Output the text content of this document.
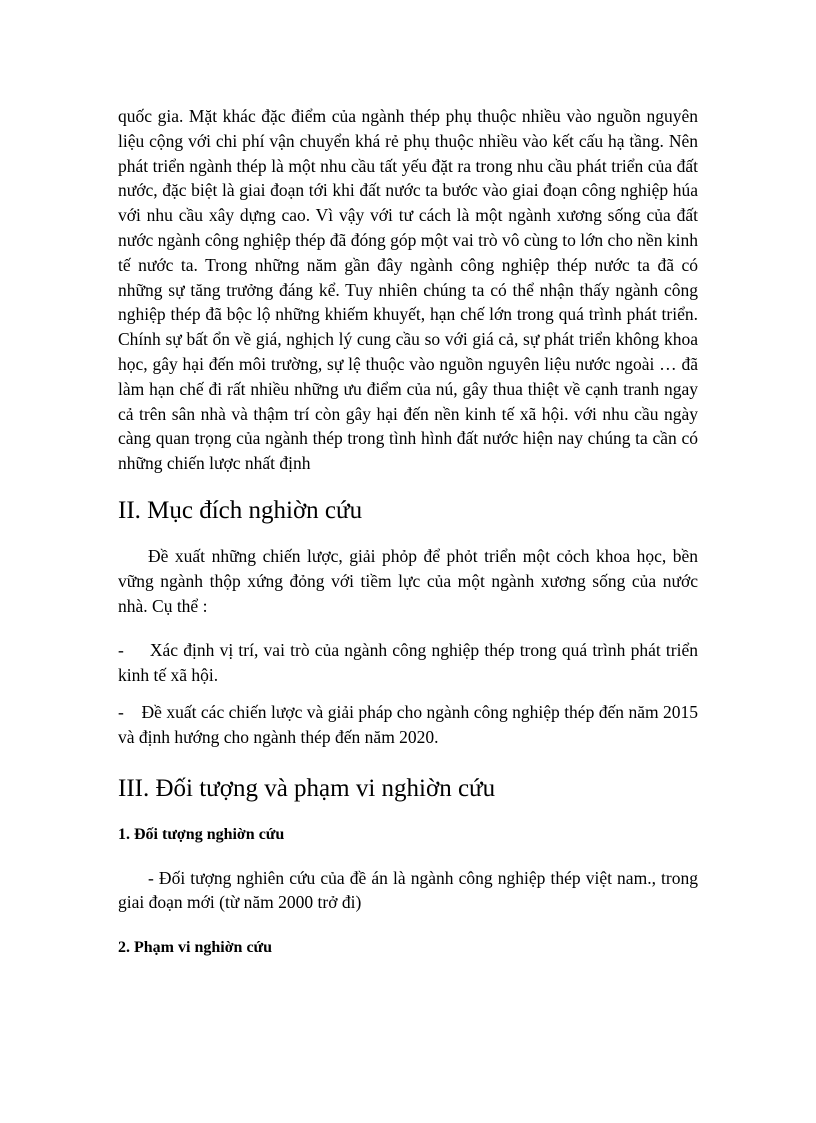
quốc gia. Mặt khác đặc điểm của ngành thép phụ thuộc nhiều vào nguồn nguyên liệu cộng với chi phí vận chuyển khá rẻ phụ thuộc nhiều vào kết cấu hạ tầng. Nên phát triển ngành thép là một nhu cầu tất yếu đặt ra trong nhu cầu phát triển của đất nước, đặc biệt là giai đoạn tới khi đất nước ta bước vào giai đoạn công nghiệp húa với nhu cầu xây dựng cao. Vì vậy với tư cách là một ngành xương sống của đất nước ngành công nghiệp thép đã đóng góp một vai trò vô cùng to lớn cho nền kinh tế nước ta. Trong những năm gần đây ngành công nghiệp thép nước ta đã có những sự tăng trưởng đáng kể. Tuy nhiên chúng ta có thể nhận thấy ngành công nghiệp thép đã bộc lộ những khiếm khuyết, hạn chế lớn trong quá trình phát triển. Chính sự bất ổn về giá, nghịch lý cung cầu so với giá cả, sự phát triển không khoa học, gây hại đến môi trường, sự lệ thuộc vào nguồn nguyên liệu nước ngoài … đã làm hạn chế đi rất nhiều những ưu điểm của nú, gây thua thiệt về cạnh tranh ngay cả trên sân nhà và thậm trí còn gây hại đến nền kinh tế xã hội. với nhu cầu ngày càng quan trọng của ngành thép trong tình hình đất nước hiện nay chúng ta cần có những chiến lược nhất định

II. Mục đích nghiờn cứu

Đề xuất những chiến lược, giải phỏp để phỏt triển một cỏch khoa học, bền vững ngành thộp xứng đỏng với tiềm lực của một ngành xương sống của nước nhà. Cụ thể :

- Xác định vị trí, vai trò của ngành công nghiệp thép trong quá trình phát triển kinh tế xã hội.

- Đề xuất các chiến lược và giải pháp cho ngành công nghiệp thép đến năm 2015 và định hướng cho ngành thép đến năm 2020.

III. Đối tượng và phạm vi nghiờn cứu
1. Đối tượng nghiờn cứu

- Đối tượng nghiên cứu của đề án là ngành công nghiệp thép việt nam., trong giai đoạn mới (từ năm 2000 trở đi)

2. Phạm vi nghiờn cứu
